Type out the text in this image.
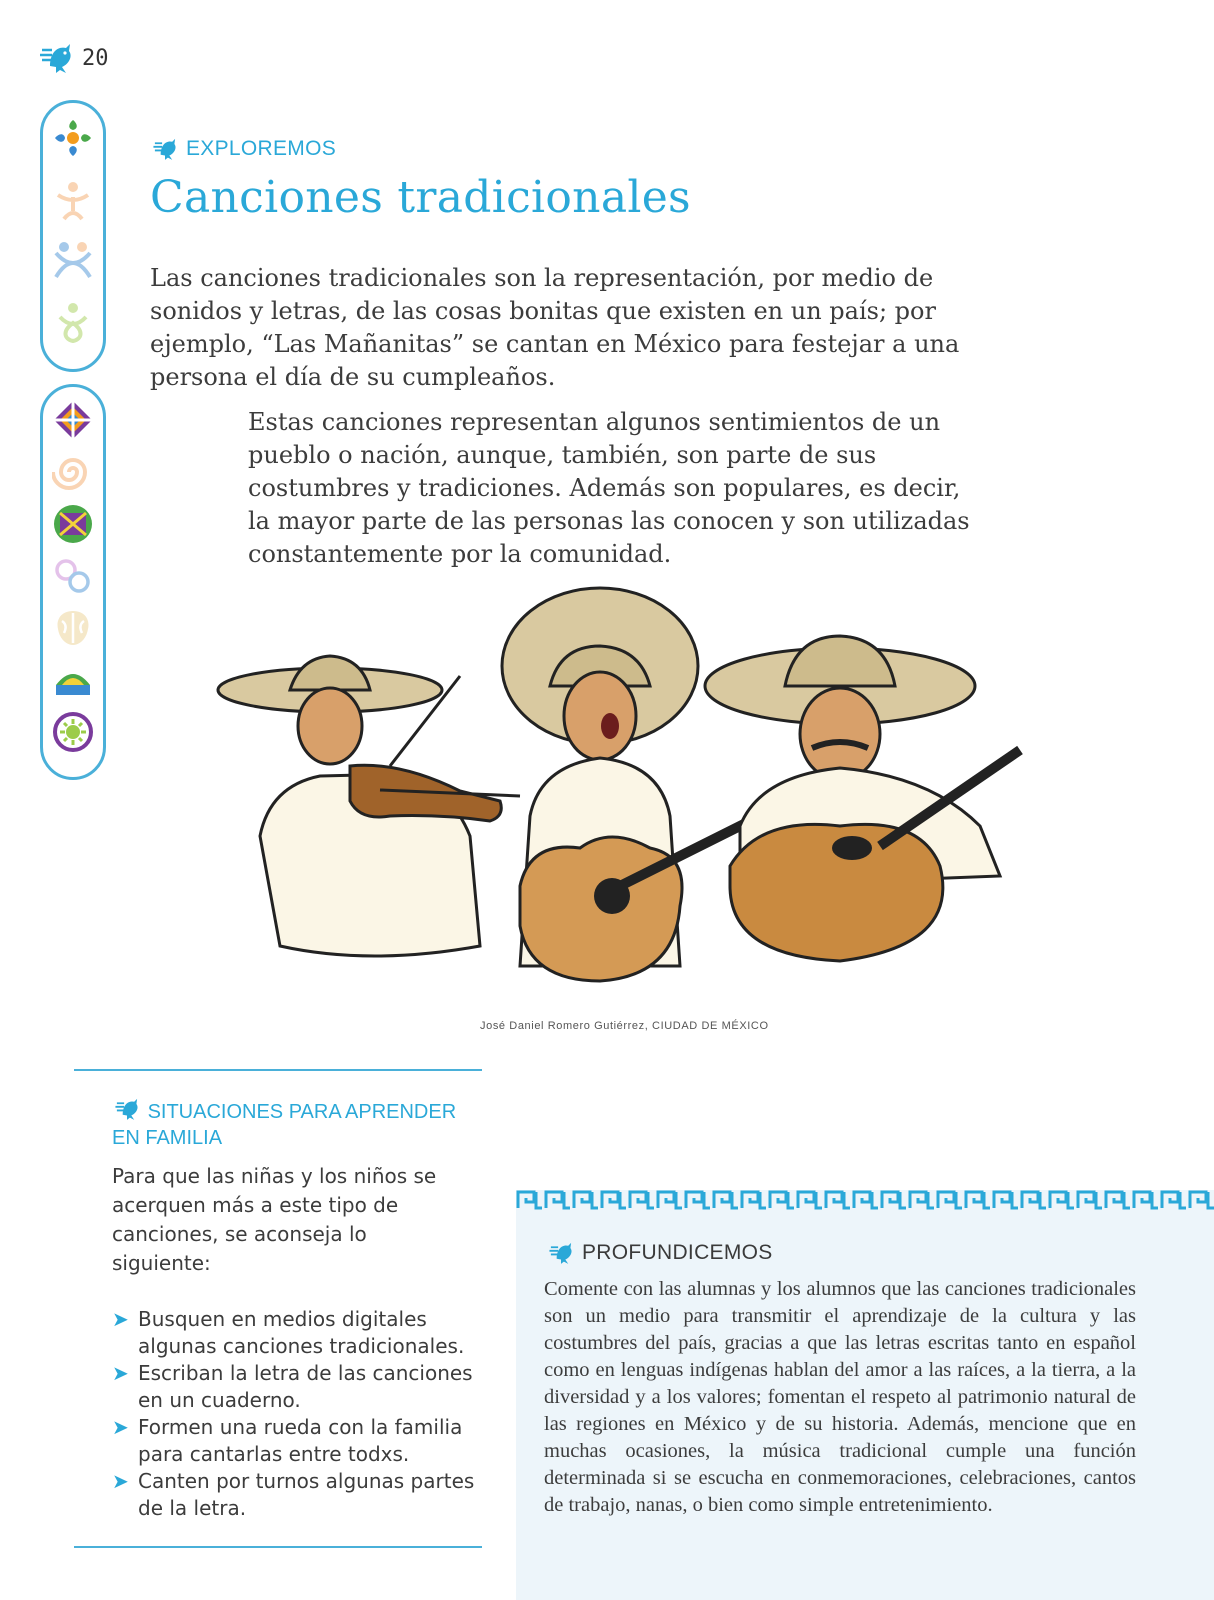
20
EXPLOREMOS
Canciones tradicionales

Las canciones tradicionales son la representación, por medio de sonidos y letras, de las cosas bonitas que existen en un país; por ejemplo, “Las Mañanitas” se cantan en México para festejar a una persona el día de su cumpleaños.

Estas canciones representan algunos sentimientos de un pueblo o nación, aunque, también, son parte de sus costumbres y tradiciones. Además son populares, es decir, la mayor parte de las personas las conocen y son utilizadas constantemente por la comunidad.

José Daniel Romero Gutiérrez, CIUDAD DE MÉXICO
SITUACIONES PARA APRENDER
EN FAMILIA

Para que las niñas y los niños se acerquen más a este tipo de canciones, se aconseja lo siguiente:

➤ Busquen en medios digitales algunas canciones tradicionales.
➤ Escriban la letra de las canciones en un cuaderno.
➤ Formen una rueda con la familia para cantarlas entre todxs.
➤ Canten por turnos algunas partes de la letra.
PROFUNDICEMOS

Comente con las alumnas y los alumnos que las canciones tradicionales son un medio para transmitir el aprendizaje de la cultura y las costumbres del país, gracias a que las letras escritas tanto en español como en lenguas indígenas hablan del amor a las raíces, a la tierra, a la diversidad y a los valores; fomentan el respeto al patrimonio natural de las regiones en México y de su historia. Además, mencione que en muchas ocasiones, la música tradicional cumple una función determinada si se escucha en conmemoraciones, celebraciones, cantos de trabajo, nanas, o bien como simple entretenimiento.
